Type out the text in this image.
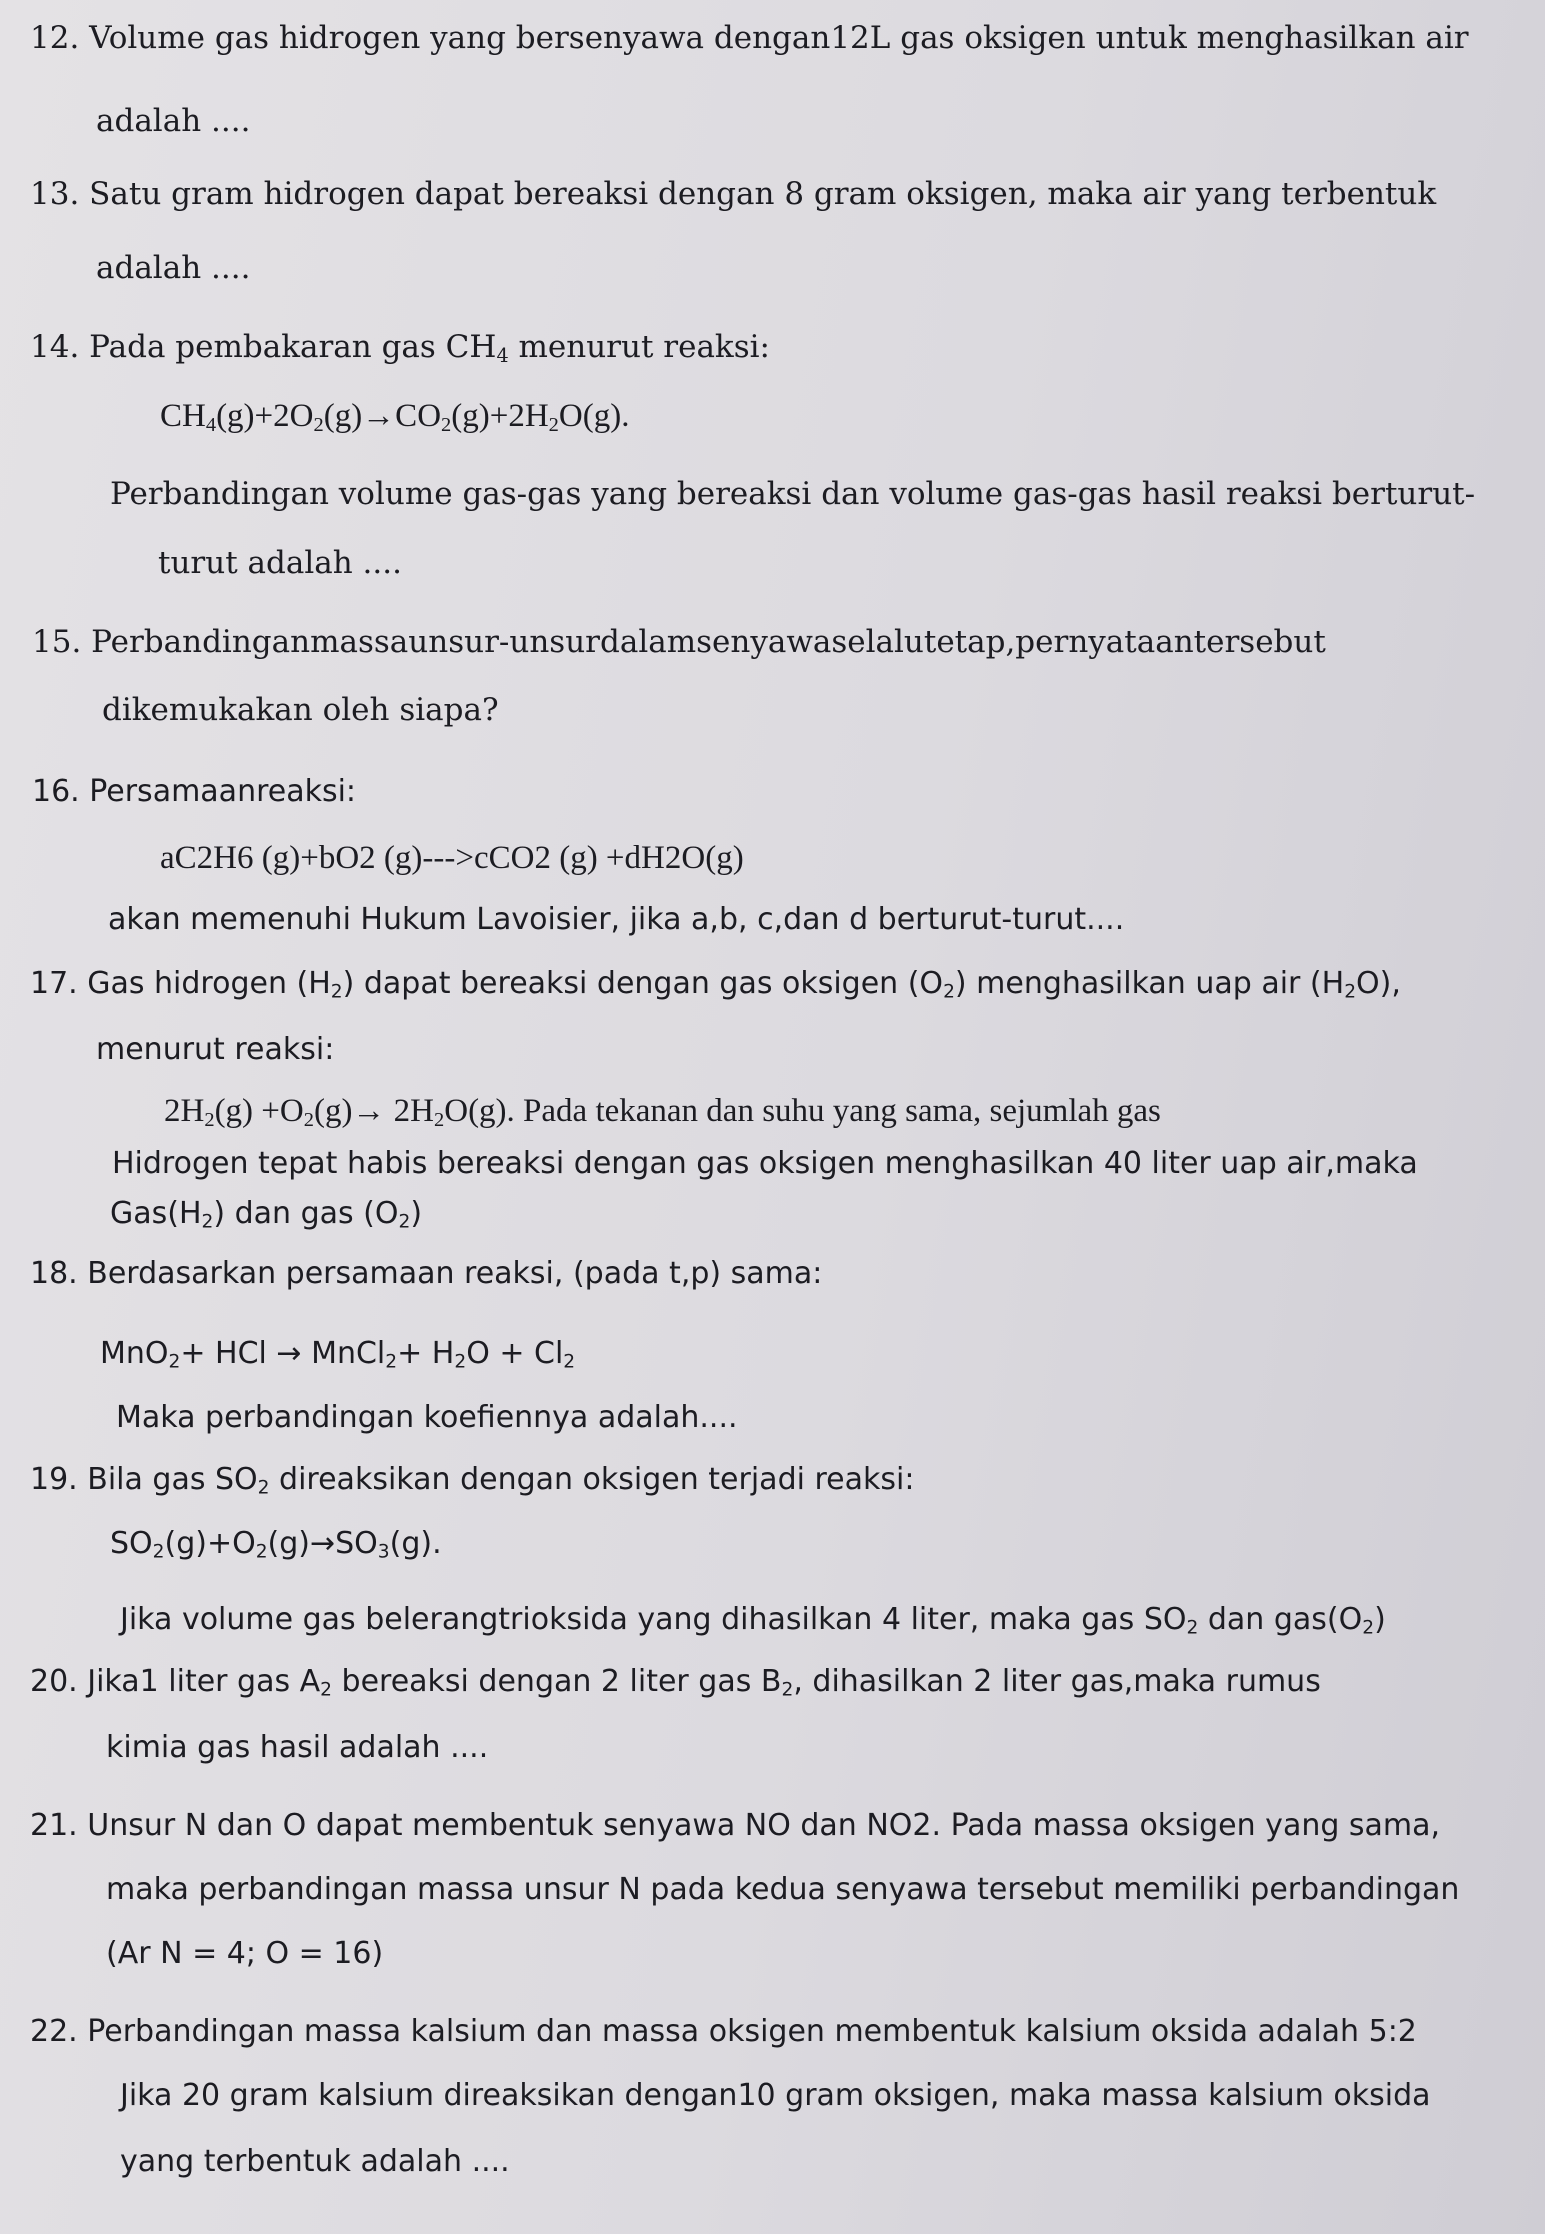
12. Volume gas hidrogen yang bersenyawa dengan12L gas oksigen untuk menghasilkan air
adalah ....
13. Satu gram hidrogen dapat bereaksi dengan 8 gram oksigen, maka air yang terbentuk
adalah ....
14. Pada pembakaran gas $CH_4$ menurut reaksi:
$CH_4(g)+2O_2(g)\to CO_2(g)+2H_2O(g)$.
Perbandingan volume gas-gas yang bereaksi dan volume gas-gas hasil reaksi berturut-
turut adalah ....
15. Perbandinganmassaunsur-unsurdalamsenyawaselalutetap,pernyataantersebut
dikemukakan oleh siapa?
16. Persamaanreaksi:
aC2H6 (g)+bO2 (g)--->cCO2 (g) +dH2O(g)
akan memenuhi Hukum Lavoisier, jika a,b, c,dan d berturut-turut....
17. Gas hidrogen $(H_2)$ dapat bereaksi dengan gas oksigen $(O_2)$ menghasilkan uap air $(H_2O)$,
menurut reaksi:
$2H_2(g) +O_2(g)\to 2H_2O(g)$. Pada tekanan dan suhu yang sama, sejumlah gas
Hidrogen tepat habis bereaksi dengan gas oksigen menghasilkan 40 liter uap air,maka
$Gas(H_2)$ dan gas $(O_2)$
18. Berdasarkan persamaan reaksi, (pada t,p) sama:
MnO$_2$+ HCl → MnCl$_2$+ $H_2O + Cl_2$
Maka perbandingan koefiennya adalah....
19. Bila gas $SO_2$ direaksikan dengan oksigen terjadi reaksi:
$SO_2(g)+O_2(g)\to SO_3(g)$.
Jika volume gas belerangtrioksida yang dihasilkan 4 liter, maka gas $SO_2$ dan $gas(O_2)$
20. Jika1 liter gas $A_2$ bereaksi dengan 2 liter gas $B_2$, dihasilkan 2 liter gas,maka rumus
kimia gas hasil adalah ....
21. Unsur N dan O dapat membentuk senyawa NO dan NO2. Pada massa oksigen yang sama,
maka perbandingan massa unsur N pada kedua senyawa tersebut memiliki perbandingan
(Ar N = 4; O = 16)
22. Perbandingan massa kalsium dan massa oksigen membentuk kalsium oksida adalah 5:2
Jika 20 gram kalsium direaksikan dengan10 gram oksigen, maka massa kalsium oksida
yang terbentuk adalah ....
